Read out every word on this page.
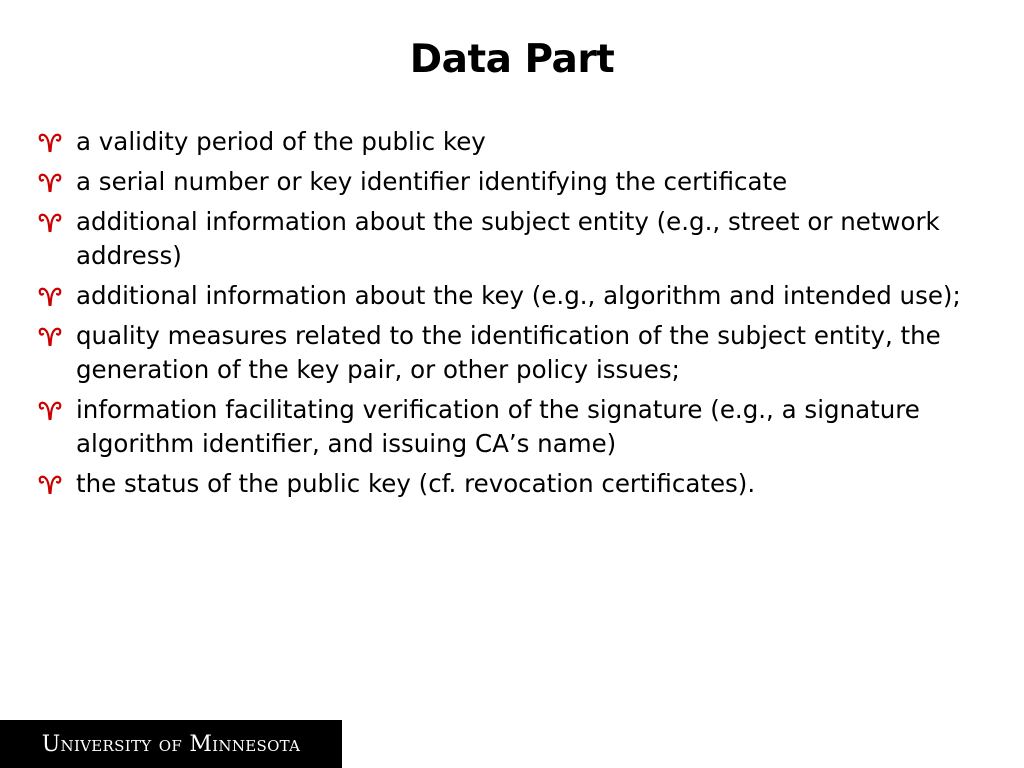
Data Part
a validity period of the public key
a serial number or key identifier identifying the certificate
additional information about the subject entity (e.g., street or network address)
additional information about the key (e.g., algorithm and intended use);
quality measures related to the identification of the subject entity, the generation of the key pair, or other policy issues;
information facilitating verification of the signature (e.g., a signature algorithm identifier, and issuing CA’s name)
the status of the public key (cf. revocation certificates).
University of Minnesota
